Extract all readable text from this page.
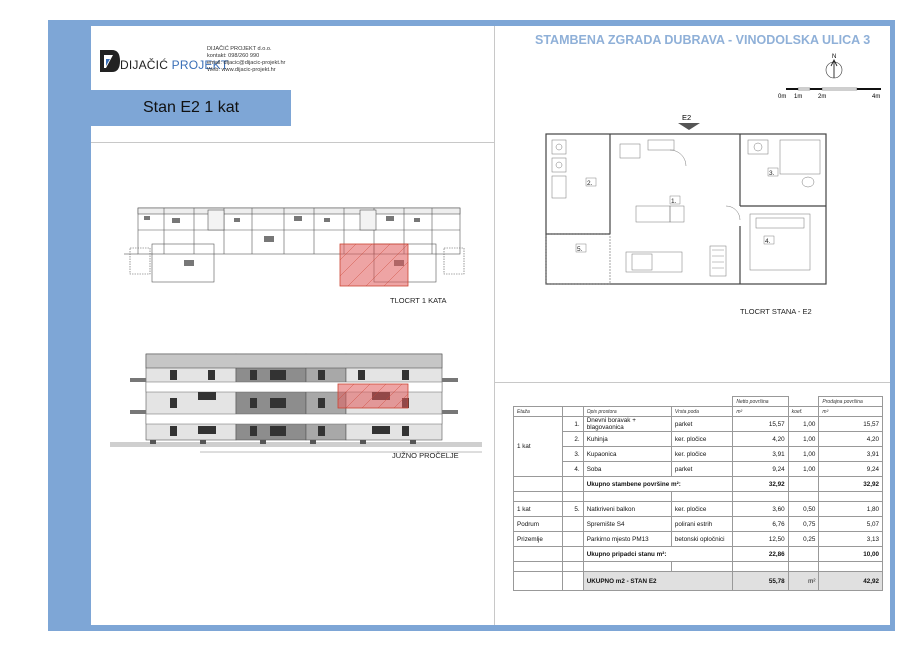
DIJAČIĆ PROJEKT
DIJAČIĆ PROJEKT d.o.o.
kontakt: 098/260 990
email: dijacic@dijacic-projekt.hr
Web: www.dijacic-projekt.hr
Stan E2 1 kat
STAMBENA ZGRADA DUBRAVA - VINODOLSKA ULICA 3
N
0m 1m	2m	4m
TLOCRT 1 KATA
JUŽNO PROČELJE
E2
2.
1.
3.
4.
5.
TLOCRT STANA - E2
				Netto površina		Prodajna površina
Etaža		Opis prostora	Vrsta poda	m²	koef.	m²
1 kat	1.	Dnevni boravak + blagovaonica	parket	15,57	1,00	15,57
	2.	Kuhinja	ker. pločice	4,20	1,00	4,20
	3.	Kupaonica	ker. pločice	3,91	1,00	3,91
	4.	Soba	parket	9,24	1,00	9,24
		Ukupno stambene površine m²:		32,92		32,92

1 kat	5.	Natkriveni balkon	ker. pločice	3,60	0,50	1,80
Podrum		Spremište S4	polirani estrih	6,76	0,75	5,07
Prizemlje		Parkirno mjesto PM13	betonski opločnici	12,50	0,25	3,13
		Ukupno pripadci stanu m²:		22,86		10,00

		UKUPNO m2 - STAN E2		55,78	m²	42,92
